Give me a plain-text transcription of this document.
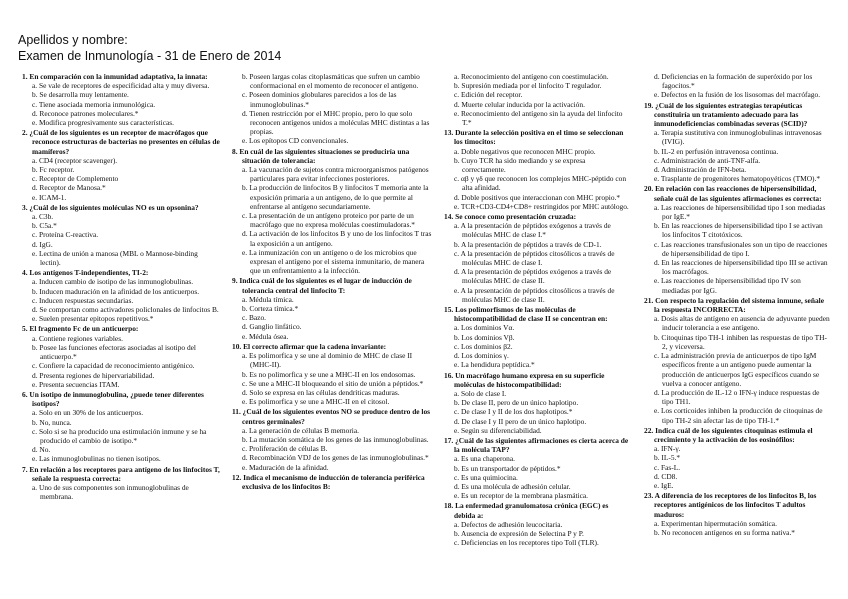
Apellidos y nombre:
Examen de Inmunología - 31 de Enero de 2014
1. En comparación con la inmunidad adaptativa, la innata:
a. Se vale de receptores de especificidad alta y muy diversa.
b. Se desarrolla muy lentamente.
c. Tiene asociada memoria inmunológica.
d. Reconoce patrones moleculares.*
e. Modifica progresivamente sus características.
2. ¿Cuál de los siguientes es un receptor de macrófagos que reconoce estructuras de bacterias no presentes en células de mamíferos?
a. CD4 (receptor scavenger).
b. Fc receptor.
c. Receptor de Complemento
d. Receptor de Manosa.*
e. ICAM-1.
3. ¿Cuál de los siguientes moléculas NO es un opsonina?
a. C3b.
b. C5a.*
c. Proteína C-reactiva.
d. IgG.
e. Lectina de unión a manosa (MBL o Mannose-binding lectin).
4. Los antígenos T-independientes, TI-2:
a. Inducen cambio de isotipo de las inmunoglobulinas.
b. Inducen maduración en la afinidad de los anticuerpos.
c. Inducen respuestas secundarias.
d. Se comportan como activadores policlonales de linfocitos B.
e. Suelen presentar epitopos repetitivos.*
5. El fragmento Fc de un anticuerpo:
a. Contiene regiones variables.
b. Posee las funciones efectoras asociadas al isotipo del anticuerpo.*
c. Confiere la capacidad de reconocimiento antigénico.
d. Presenta regiones de hipervariabilidad.
e. Presenta secuencias ITAM.
6. Un isotipo de inmunoglobulina, ¿puede tener diferentes isotipos?
a. Solo en un 30% de los anticuerpos.
b. No, nunca.
c. Solo si se ha producido una estimulación inmune y se ha producido el cambio de isotipo.*
d. No.
e. Las inmunoglobulinas no tienen isotipos.
7. En relación a los receptores para antígeno de los linfocitos T, señale la respuesta correcta:
a. Uno de sus componentes son inmunoglobulinas de membrana.
b. Poseen largas colas citoplasmáticas que sufren un cambio conformacional en el momento de reconocer el antígeno.
c. Poseen dominios globulares parecidos a los de las inmunoglobulinas.*
d. Tienen restricción por el MHC propio, pero lo que solo reconocen antígenos unidos a moléculas MHC distintas a las propias.
e. Los epítopos CD convencionales.
8. En cuál de las siguientes situaciones se produciría una situación de tolerancia:
a. La vacunación de sujetos contra microorganismos patógenos particulares para evitar infecciones posteriores.
b. La producción de linfocitos B y linfocitos T memoria ante la exposición primaria a un antígeno, de lo que permite al enfrentarse al antígeno secundariamente.
c. La presentación de un antígeno proteico por parte de un macrófago que no expresa moléculas coestimuladoras.*
d. La activación de los linfocitos B y uno de los linfocitos T tras la exposición a un antígeno.
e. La inmunización con un antígeno o de los microbios que expresan el antígeno por el sistema inmunitario, de manera que un enfrentamiento a la infección.
9. Indica cuál de los siguientes es el lugar de inducción de tolerancia central del linfocito T:
a. Médula tímica.
b. Corteza tímica.*
c. Bazo.
d. Ganglio linfático.
e. Médula ósea.
10. El correcto afirmar que la cadena invariante:
a. Es polimorfica y se une al dominio de MHC de clase II (MHC-II).
b. Es no polimorfica y se une a MHC-II en los endosomas.
c. Se une a MHC-II bloqueando el sitio de unión a péptidos.*
d. Solo se expresa en las células dendríticas maduras.
e. Es polimorfica y se une a MHC-II en el citosol.
11. ¿Cuál de los siguientes eventos NO se produce dentro de los centros germinales?
a. La generación de células B memoria.
b. La mutación somática de los genes de las inmunoglobulinas.
c. Proliferación de células B.
d. Recombinación VDJ de los genes de las inmunoglobulinas.*
e. Maduración de la afinidad.
12. Indica el mecanismo de inducción de tolerancia periférica exclusiva de los linfocitos B:
a. Reconocimiento del antígeno con coestimulación.
b. Supresión mediada por el linfocito T regulador.
c. Edición del receptor.
d. Muerte celular inducida por la activación.
e. Reconocimiento del antígeno sin la ayuda del linfocito T.*
13. Durante la selección positiva en el timo se seleccionan los timocitos:
a. Doble negativos que reconocen MHC propio.
b. Cuyo TCR ha sido mediando y se expresa correctamente.
c. αβ y γδ que reconocen los complejos MHC-péptido con alta afinidad.
d. Doble positivos que interaccionan con MHC propio.*
e. TCR+CD3-CD4+CD8+ restringidos por MHC autólogo.
14. Se conoce como presentación cruzada:
a. A la presentación de péptidos exógenos a través de moléculas MHC de clase I.*
b. A la presentación de péptidos a través de CD-1.
c. A la presentación de péptidos citosólicos a través de moléculas MHC de clase I.
d. A la presentación de péptidos exógenos a través de moléculas MHC de clase II.
e. A la presentación de péptidos citosólicos a través de moléculas MHC de clase II.
15. Los polimorfismos de las moléculas de histocompatibilidad de clase II se concentran en:
a. Los dominios Vα.
b. Los dominios Vβ.
c. Los dominios β2.
d. Los dominios γ.
e. La hendidura peptídica.*
16. Un macrófago humano expresa en su superficie moléculas de histocompatibilidad:
a. Solo de clase I.
b. De clase II, pero de un único haplotipo.
c. De clase I y II de los dos haplotipos.*
d. De clase I y II pero de un único haplotipo.
e. Según su diferenciabilidad.
17. ¿Cuál de las siguientes afirmaciones es cierta acerca de la molécula TAP?
a. Es una chaperona.
b. Es un transportador de péptidos.*
c. Es una quimiocina.
d. Es una molécula de adhesión celular.
e. Es un receptor de la membrana plasmática.
18. La enfermedad granulomatosa crónica (EGC) es debida a:
a. Defectos de adhesión leucocitaria.
b. Ausencia de expresión de Selectina P y P.
c. Deficiencias en los receptores tipo Toll (TLR).
d. Deficiencias en la formación de superóxido por los fagocitos.*
e. Defectos en la fusión de los lisosomas del macrófago.
19. ¿Cuál de los siguientes estrategias terapéuticas constituiría un tratamiento adecuado para las inmunodeficiencias combinadas severas (SCID)?
a. Terapia sustitutiva con inmunoglobulinas intravenosas (IVIG).
b. IL-2 en perfusión intravenosa continua.
c. Administración de anti-TNF-alfa.
d. Administración de IFN-beta.
e. Trasplante de progenitores hematopoyéticos (TMO).*
20. En relación con las reacciones de hipersensibilidad, señale cuál de las siguientes afirmaciones es correcta:
a. Las reacciones de hipersensibilidad tipo I son mediadas por IgE.*
b. En las reacciones de hipersensibilidad tipo I se activan los linfocitos T citotóxicos.
c. Las reacciones transfusionales son un tipo de reacciones de hipersensibilidad de tipo I.
d. En las reacciones de hipersensibilidad tipo III se activan los macrófagos.
e. Las reacciones de hipersensibilidad tipo IV son mediadas por IgG.
21. Con respecto la regulación del sistema inmune, señale la respuesta INCORRECTA:
a. Dosis altas de antígeno en ausencia de adyuvante pueden inducir tolerancia a ese antígeno.
b. Citoquinas tipo TH-1 inhiben las respuestas de tipo TH-2, y viceversa.
c. La administración previa de anticuerpos de tipo IgM específicos frente a un antígeno puede aumentar la producción de anticuerpos IgG específicos cuando se vuelva a conocer antígeno.
d. La producción de IL-12 o IFN-γ induce respuestas de tipo TH1.
e. Los corticoides inhiben la producción de citoquinas de tipo TH-2 sin afectar las de tipo TH-1.*
22. Indica cuál de los siguientes citoquinas estimula el crecimiento y la activación de los eosinófilos:
a. IFN-γ.
b. IL-5.*
c. Fas-L.
d. CD8.
e. IgE.
23. A diferencia de los receptores de los linfocitos B, los receptores antigénicos de los linfocitos T adultos maduros:
a. Experimentan hipermutación somática.
b. No reconocen antígenos en su forma nativa.*
